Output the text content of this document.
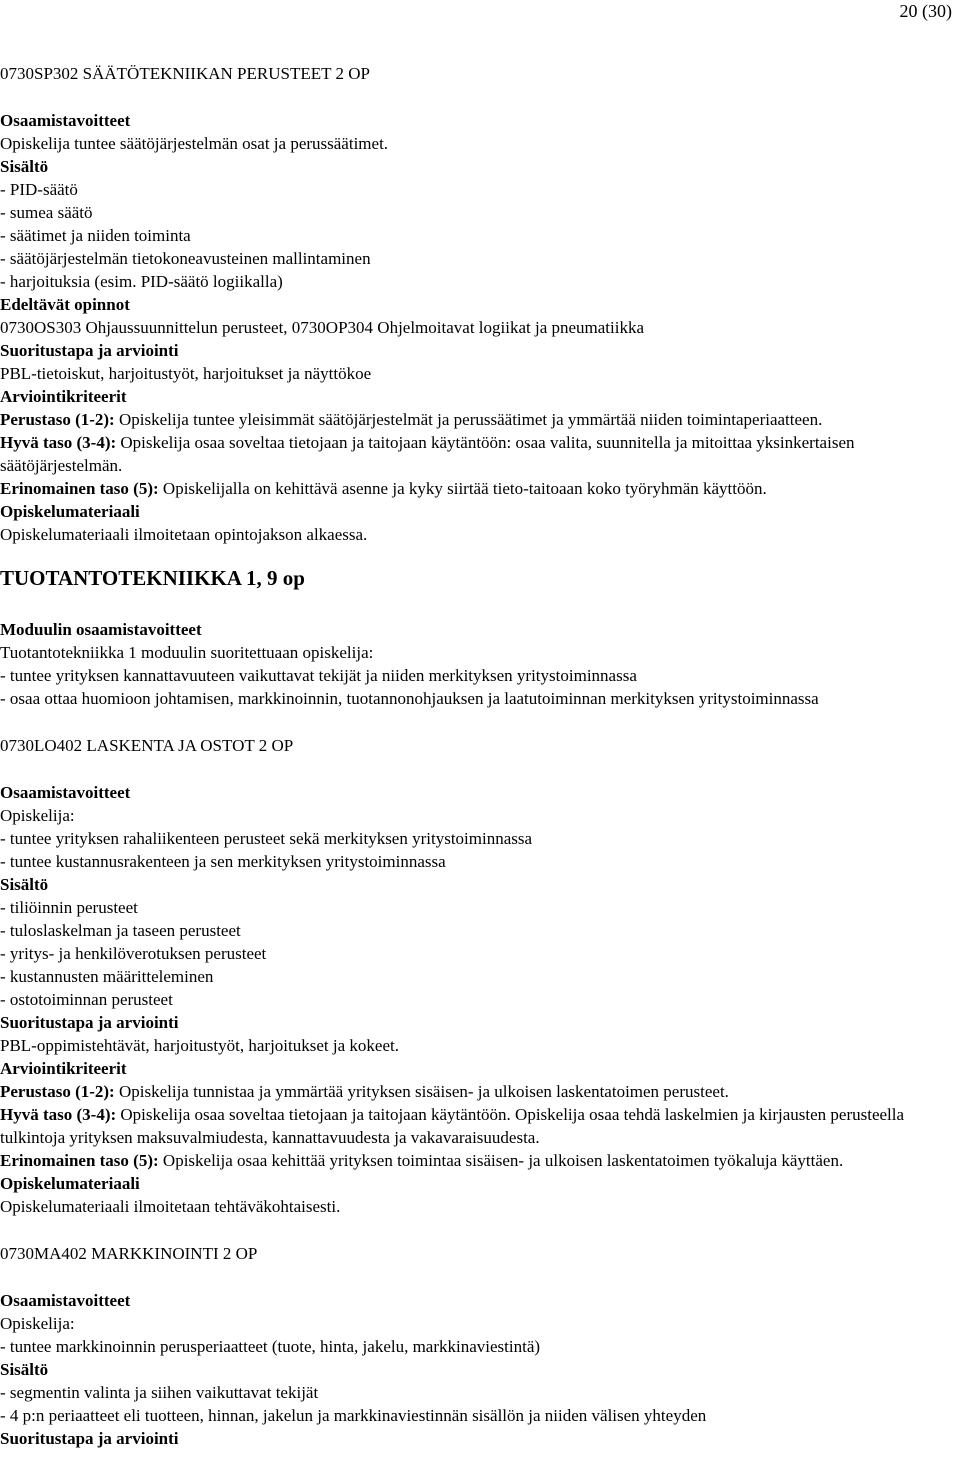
20 (30)
0730SP302 SÄÄTÖTEKNIIKAN PERUSTEET 2 OP
Osaamistavoitteet
Opiskelija tuntee säätöjärjestelmän osat ja perussäätimet.
Sisältö
- PID-säätö
- sumea säätö
- säätimet ja niiden toiminta
- säätöjärjestelmän tietokoneavusteinen mallintaminen
- harjoituksia (esim. PID-säätö logiikalla)
Edeltävät opinnot
0730OS303 Ohjaussuunnittelun perusteet, 0730OP304 Ohjelmoitavat logiikat ja pneumatiikka
Suoritustapa ja arviointi
PBL-tietoiskut, harjoitustyöt, harjoitukset ja näyttökoe
Arviointikriteerit
Perustaso (1-2): Opiskelija tuntee yleisimmät säätöjärjestelmät ja perussäätimet ja ymmärtää niiden toimintaperiaatteen.
Hyvä taso (3-4): Opiskelija osaa soveltaa tietojaan ja taitojaan käytäntöön: osaa valita, suunnitella ja mitoittaa yksinkertaisen säätöjärjestelmän.
Erinomainen taso (5): Opiskelijalla on kehittävä asenne ja kyky siirtää tieto-taitoaan koko työryhmän käyttöön.
Opiskelumateriaali
Opiskelumateriaali ilmoitetaan opintojakson alkaessa.
TUOTANTOTEKNIIKKA 1, 9 op
Moduulin osaamistavoitteet
Tuotantotekniikka 1 moduulin suoritettuaan opiskelija:
- tuntee yrityksen kannattavuuteen vaikuttavat tekijät ja niiden merkityksen yritystoiminnassa
- osaa ottaa huomioon johtamisen, markkinoinnin, tuotannonohjauksen ja laatutoiminnan merkityksen yritystoiminnassa
0730LO402 LASKENTA JA OSTOT 2 OP
Osaamistavoitteet
Opiskelija:
- tuntee yrityksen rahaliikenteen perusteet sekä merkityksen yritystoiminnassa
- tuntee kustannusrakenteen ja sen merkityksen yritystoiminnassa
Sisältö
- tiliöinnin perusteet
- tuloslaskelman ja taseen perusteet
- yritys- ja henkilöverotuksen perusteet
- kustannusten määritteleminen
- ostotoiminnan perusteet
Suoritustapa ja arviointi
PBL-oppimistehtävät, harjoitustyöt, harjoitukset ja kokeet.
Arviointikriteerit
Perustaso (1-2): Opiskelija tunnistaa ja ymmärtää yrityksen sisäisen- ja ulkoisen laskentatoimen perusteet.
Hyvä taso (3-4): Opiskelija osaa soveltaa tietojaan ja taitojaan käytäntöön. Opiskelija osaa tehdä laskelmien ja kirjausten perusteella tulkintoja yrityksen maksuvalmiudesta, kannattavuudesta ja vakavaraisuudesta.
Erinomainen taso (5): Opiskelija osaa kehittää yrityksen toimintaa sisäisen- ja ulkoisen laskentatoimen työkaluja käyttäen.
Opiskelumateriaali
Opiskelumateriaali ilmoitetaan tehtäväkohtaisesti.
0730MA402 MARKKINOINTI 2 OP
Osaamistavoitteet
Opiskelija:
- tuntee markkinoinnin perusperiaatteet (tuote, hinta, jakelu, markkinaviestintä)
Sisältö
- segmentin valinta ja siihen vaikuttavat tekijät
- 4 p:n periaatteet eli tuotteen, hinnan, jakelun ja markkinaviestinnän sisällön ja niiden välisen yhteyden
Suoritustapa ja arviointi
